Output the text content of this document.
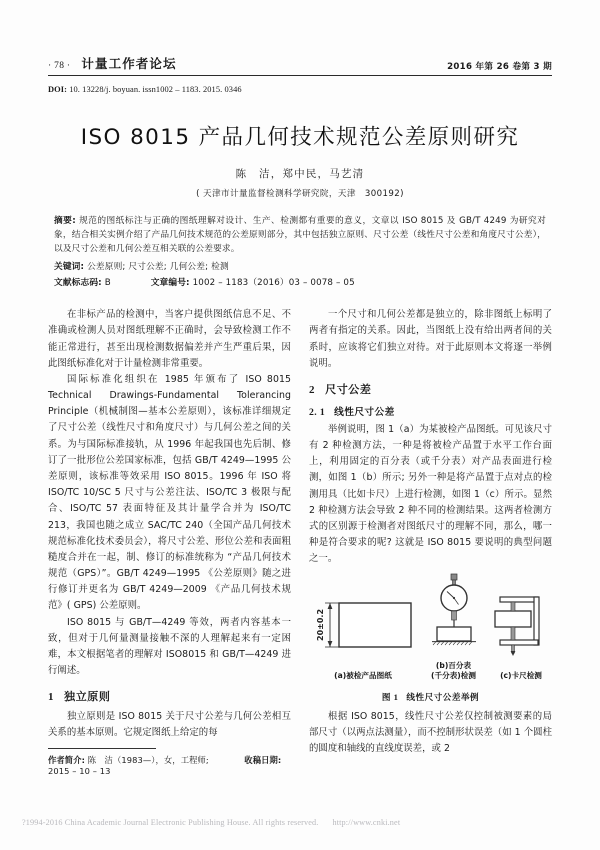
· 78 · 计量工作者论坛	2016 年第 26 卷第 3 期
DOI: 10. 13228/j. boyuan. issn1002 – 1183. 2015. 0346
ISO 8015 产品几何技术规范公差原则研究
陈　洁，郑中民，马艺清
( 天津市计量监督检测科学研究院，天津　300192)
摘要: 规范的图纸标注与正确的图纸理解对设计、生产、检测都有重要的意义，文章以 ISO 8015 及 GB/T 4249 为研究对象，结合相关实例介绍了产品几何技术规范的公差原则部分，其中包括独立原则、尺寸公差（线性尺寸公差和角度尺寸公差），以及尺寸公差和几何公差互相关联的公差要求。
关键词: 公差原则; 尺寸公差; 几何公差; 检测
文献标志码: B	文章编号: 1002 – 1183（2016）03 – 0078 – 05

在非标产品的检测中，当客户提供图纸信息不足、不准确或检测人员对图纸理解不正确时，会导致检测工作不能正常进行，甚至出现检测数据偏差并产生严重后果，因此图纸标准化对于计量检测非常重要。

国际标准化组织在 1985 年颁布了 ISO 8015 Technical Drawings-Fundamental Tolerancing Principle（机械制图—基本公差原则），该标准详细规定了尺寸公差（线性尺寸和角度尺寸）与几何公差之间的关系。为与国际标准接轨，从 1996 年起我国也先后制、修订了一批形位公差国家标准，包括 GB/T 4249—1995 公差原则，该标准等效采用 ISO 8015。1996 年 ISO 将 ISO/TC 10/SC 5 尺寸与公差注法、ISO/TC 3 极限与配合、ISO/TC 57 表面特征及其计量学合并为 ISO/TC 213，我国也随之成立 SAC/TC 240（全国产品几何技术规范标准化技术委员会），将尺寸公差、形位公差和表面粗糙度合并在一起，制、修订的标准统称为 “产品几何技术规范（GPS）”。GB/T 4249—1995 《公差原则》随之进行修订并更名为 GB/T 4249—2009 《产品几何技术规范》( GPS) 公差原则。

ISO 8015 与 GB/T—4249 等效，两者内容基本一致，但对于几何量测量接触不深的人理解起来有一定困难，本文根据笔者的理解对 ISO8015 和 GB/T—4249 进行阐述。

1 独立原则

独立原则是 ISO 8015 关于尺寸公差与几何公差相互关系的基本原则。它规定图纸上给定的每

作者简介: 陈　洁（1983—），女，工程师;	收稿日期: 2015 – 10 – 13

一个尺寸和几何公差都是独立的，除非图纸上标明了两者有指定的关系。因此，当图纸上没有给出两者间的关系时，应该将它们独立对待。对于此原则本文将逐一举例说明。

2 尺寸公差
2. 1 线性尺寸公差

举例说明，图 1（a）为某被检产品图纸。可见该尺寸有 2 种检测方法，一种是将被检产品置于水平工作台面上，利用固定的百分表（或千分表）对产品表面进行检测，如图 1（b）所示; 另外一种是将产品置于点对点的检测用具（比如卡尺）上进行检测，如图 1（c）所示。显然 2 种检测方法会导致 2 种不同的检测结果。这两者检测方式的区别源于检测者对图纸尺寸的理解不同，那么，哪一种是符合要求的呢? 这就是 ISO 8015 要说明的典型问题之一。

20±0.2
(a)被检产品图纸
(b)百分表
(千分表)检测	(c)卡尺检测
图 1 线性尺寸公差举例

根据 ISO 8015，线性尺寸公差仅控制被测要素的局部尺寸（以两点法测量），而不控制形状误差（如 1 个圆柱的圆度和轴线的直线度误差，或 2

?1994-2016 China Academic Journal Electronic Publishing House. All rights reserved. http://www.cnki.net
